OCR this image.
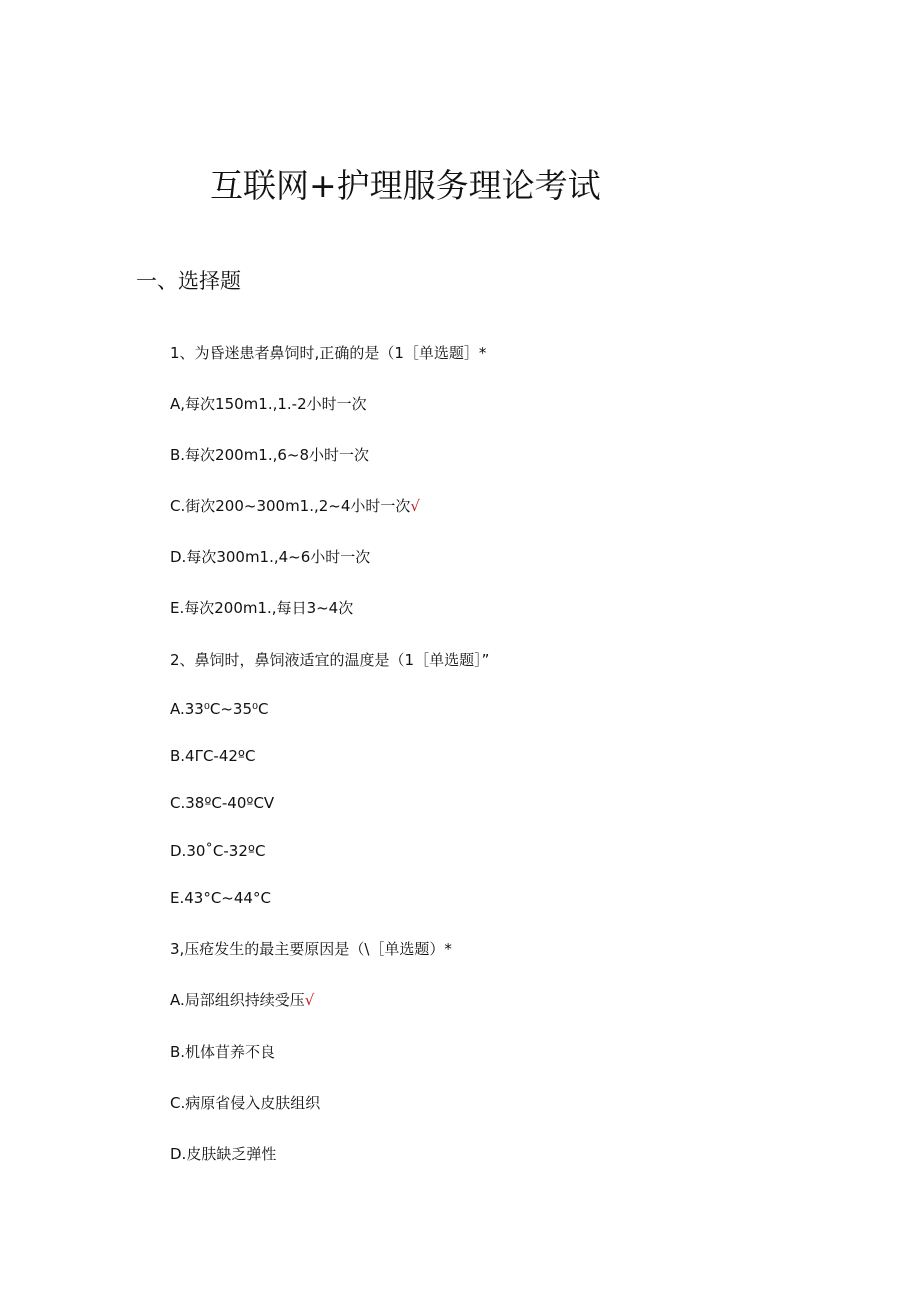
互联网+护理服务理论考试
一、选择题
1、为昏迷患者鼻饲时,正确的是（1［单选题］*
A,每次150m1.,1.-2小时一次
B.每次200m1.,6~8小时一次
C.街次200~300m1.,2~4小时一次√
D.每次300m1.,4~6小时一次
E.每次200m1.,每日3~4次
2、鼻饲时，鼻饲液适宜的温度是（1［单选题］”
A.33⁰C~35⁰C
B.4ΓC-42ºC
C.38ºC-40ºCV
D.30˚C-32ºC
E.43°C~44°C
3,压疮发生的最主要原因是（\［单选题）*
A.局部组织持续受压√
B.机体苜养不良
C.病原省侵入皮肤组织
D.皮肤缺乏弹性
